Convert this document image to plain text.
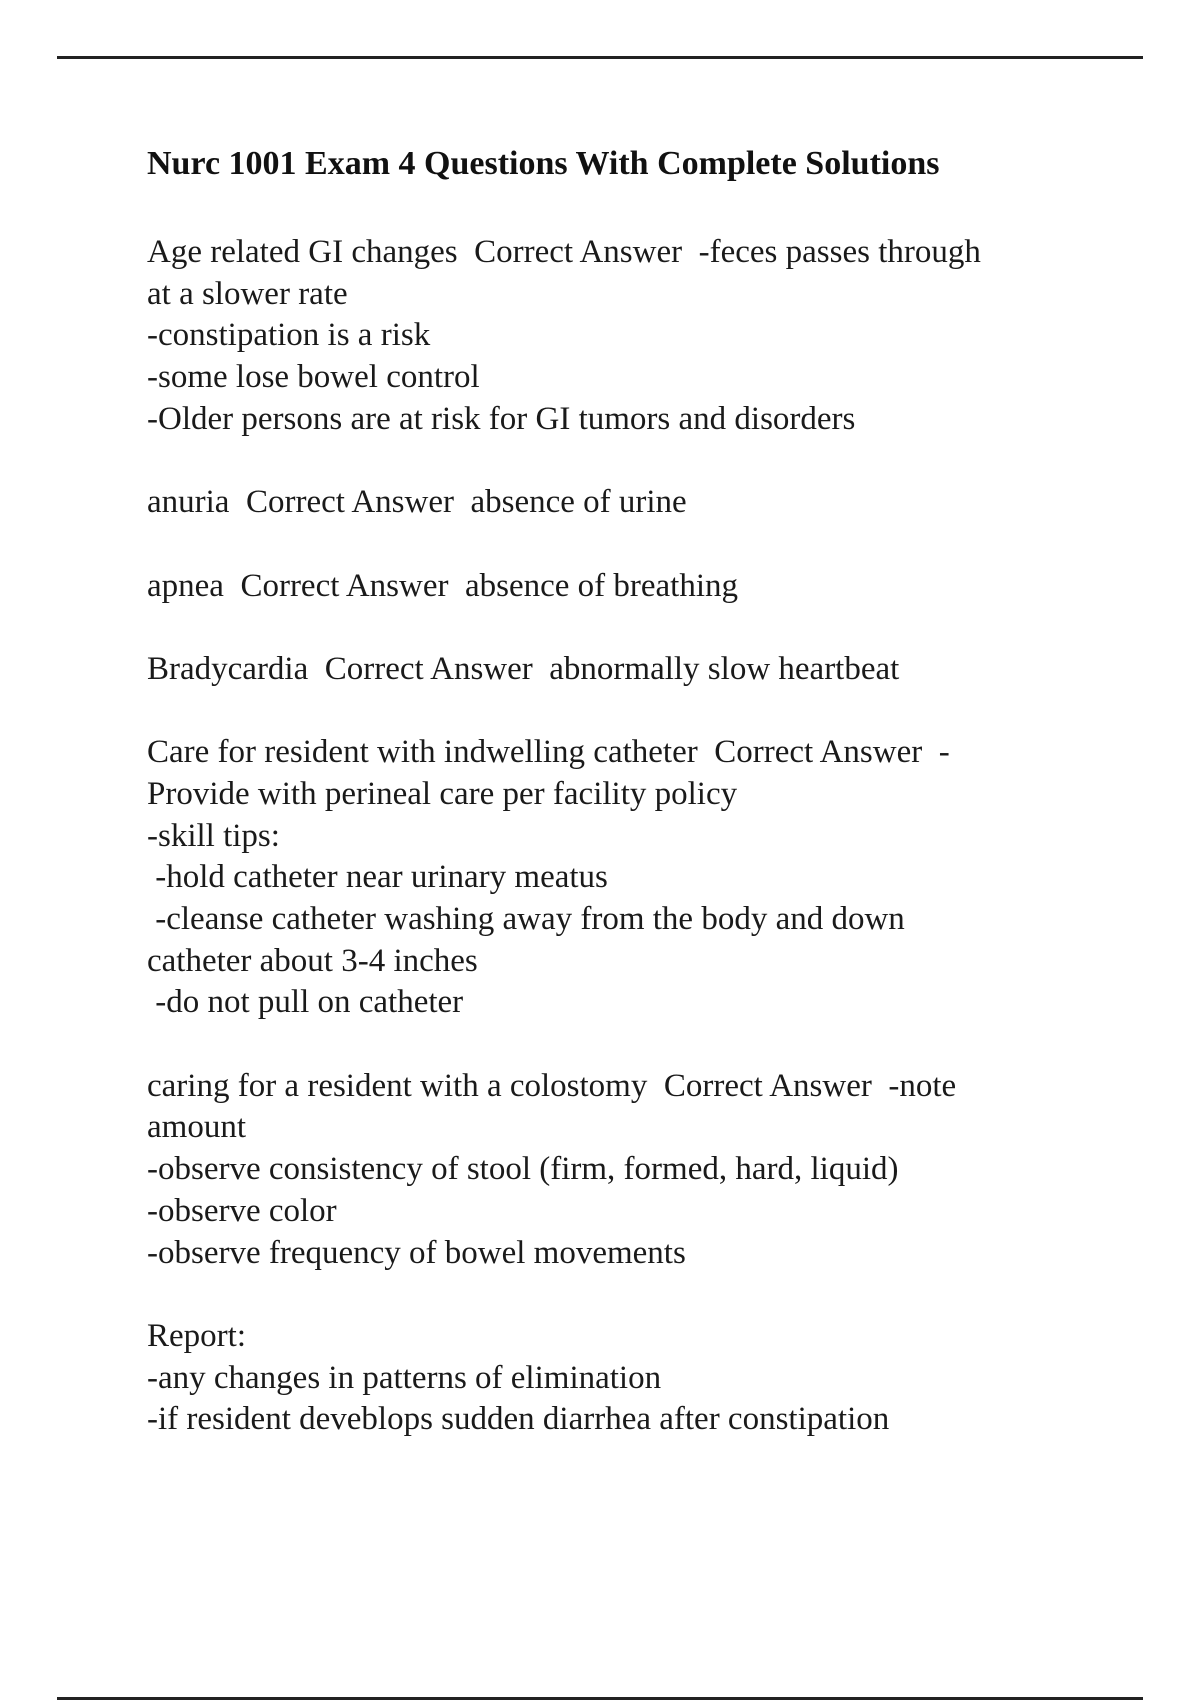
Nurc 1001 Exam 4 Questions With Complete Solutions
Age related GI changes  Correct Answer  -feces passes through
at a slower rate
-constipation is a risk
-some lose bowel control
-Older persons are at risk for GI tumors and disorders
anuria  Correct Answer  absence of urine
apnea  Correct Answer  absence of breathing
Bradycardia  Correct Answer  abnormally slow heartbeat
Care for resident with indwelling catheter  Correct Answer  -
Provide with perineal care per facility policy
-skill tips:
-hold catheter near urinary meatus
-cleanse catheter washing away from the body and down
catheter about 3-4 inches
-do not pull on catheter
caring for a resident with a colostomy  Correct Answer  -note
amount
-observe consistency of stool (firm, formed, hard, liquid)
-observe color
-observe frequency of bowel movements
Report:
-any changes in patterns of elimination
-if resident deveblops sudden diarrhea after constipation
